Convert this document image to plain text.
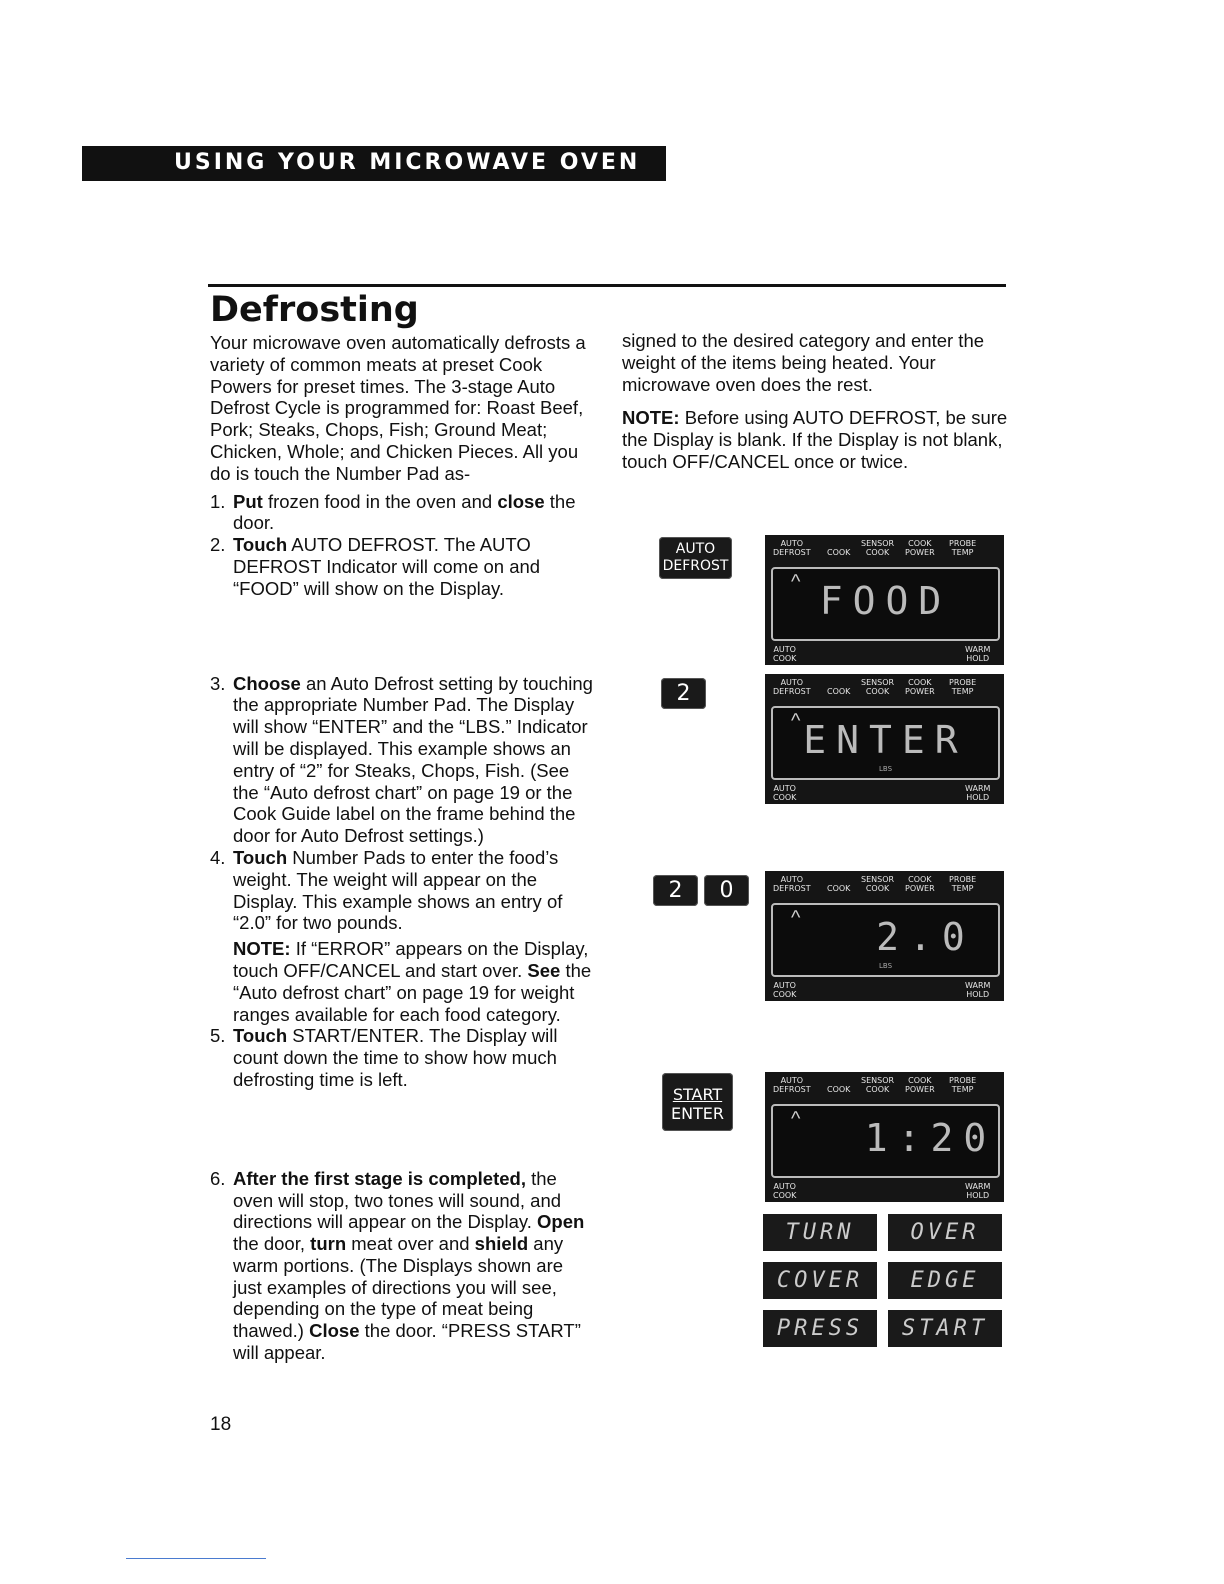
USING YOUR MICROWAVE OVEN
Defrosting

Your microwave oven automatically defrosts a variety of common meats at preset Cook Powers for preset times. The 3-stage Auto Defrost Cycle is programmed for: Roast Beef, Pork; Steaks, Chops, Fish; Ground Meat; Chicken, Whole; and Chicken Pieces. All you do is touch the Number Pad as-

1. Put frozen food in the oven and close the door.
2. Touch AUTO DEFROST. The AUTO DEFROST Indicator will come on and “FOOD” will show on the Display.
3. Choose an Auto Defrost setting by touching the appropriate Number Pad. The Display will show “ENTER” and the “LBS.” Indicator will be displayed. This example shows an entry of “2” for Steaks, Chops, Fish. (See the “Auto defrost chart” on page 19 or the Cook Guide label on the frame behind the door for Auto Defrost settings.)
4. Touch Number Pads to enter the food’s weight. The weight will appear on the Display. This example shows an entry of “2.0” for two pounds.

NOTE: If “ERROR” appears on the Display, touch OFF/CANCEL and start over. See the “Auto defrost chart” on page 19 for weight ranges available for each food category.

5. Touch START/ENTER. The Display will count down the time to show how much defrosting time is left.
6. After the first stage is completed, the oven will stop, two tones will sound, and directions will appear on the Display. Open the door, turn meat over and shield any warm portions. (The Displays shown are just examples of directions you will see, depending on the type of meat being thawed.) Close the door. “PRESS START” will appear.

signed to the desired category and enter the weight of the items being heated. Your microwave oven does the rest.

NOTE: Before using AUTO DEFROST, be sure the Display is blank. If the Display is not blank, touch OFF/CANCEL once or twice.

18
AUTO
DEFROST
2
2	0
START
ENTER
AUTO
DEFROST COOK
SENSOR
COOK
COOK
POWER
PROBE
TEMP
^ FOOD
AUTO
COOK
WARM
HOLD
AUTO
DEFROST COOK
SENSOR
COOK
COOK
POWER
PROBE
TEMP
^ ENTER
LBS
AUTO
COOK
WARM
HOLD
AUTO
DEFROST COOK
SENSOR
COOK
COOK
POWER
PROBE
TEMP
^	2.0
LBS
AUTO
COOK
WARM
HOLD
AUTO
DEFROST COOK
SENSOR
COOK
COOK
POWER
PROBE
TEMP
^	1:20
AUTO
COOK
WARM
HOLD
TURN	OVER
COVER	EDGE
PRESS	START
